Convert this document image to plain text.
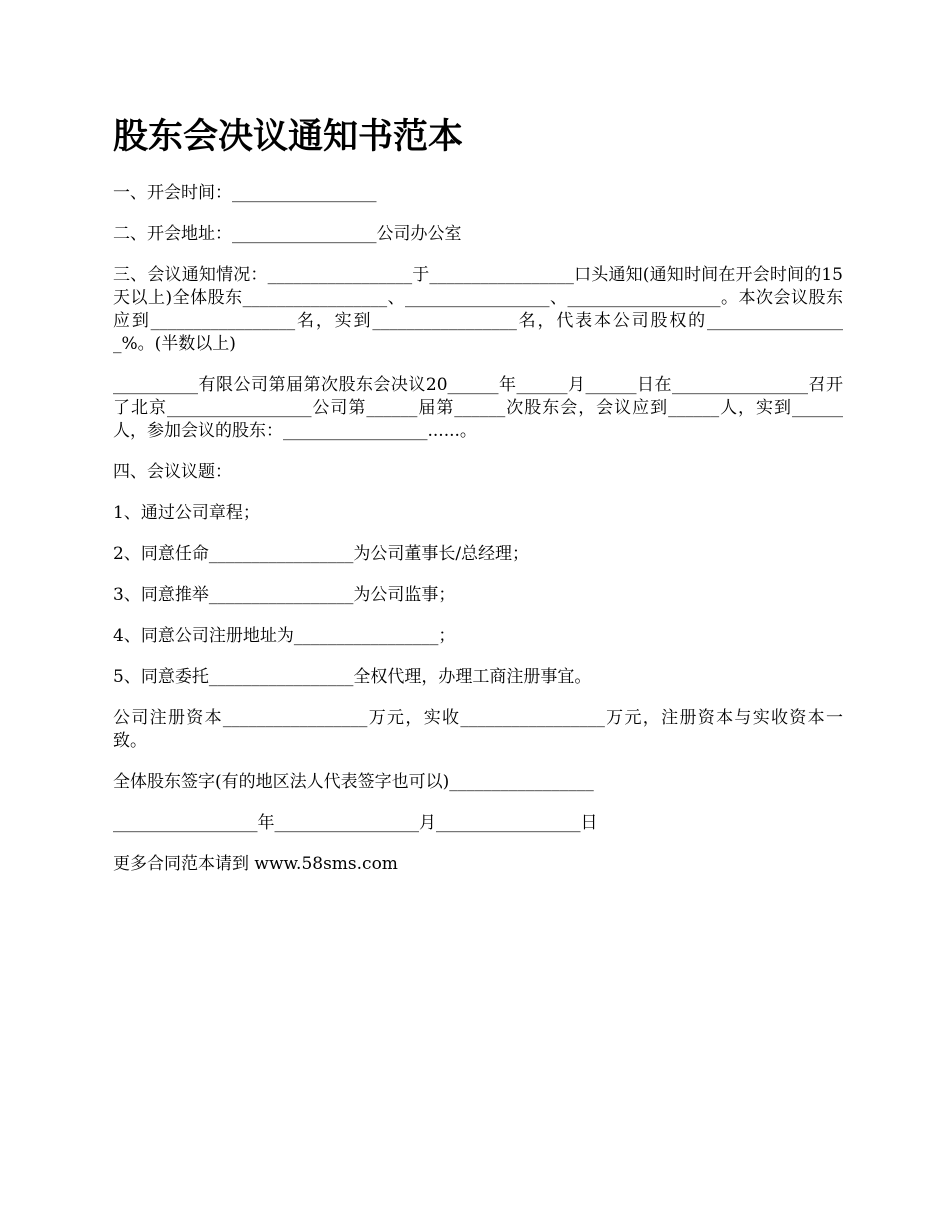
股东会决议通知书范本

一、开会时间：_________________

二、开会地址：_________________公司办公室

三、会议通知情况：_________________于_________________口头通知(通知时间在开会时间的15天以上)全体股东_________________、_________________、__________________。本次会议股东应到_________________名，实到_________________名，代表本公司股权的_________________%。(半数以上)

__________有限公司第届第次股东会决议20______年______月______日在________________召开了北京_________________公司第______届第______次股东会，会议应到______人，实到______人，参加会议的股东：_________________......。

四、会议议题：

1、通过公司章程；

2、同意任命_________________为公司董事长/总经理；

3、同意推举_________________为公司监事；

4、同意公司注册地址为_________________；

5、同意委托_________________全权代理，办理工商注册事宜。

公司注册资本_________________万元，实收_________________万元，注册资本与实收资本一致。

全体股东签字(有的地区法人代表签字也可以)_________________

_________________年_________________月_________________日

更多合同范本请到 www.58sms.com
